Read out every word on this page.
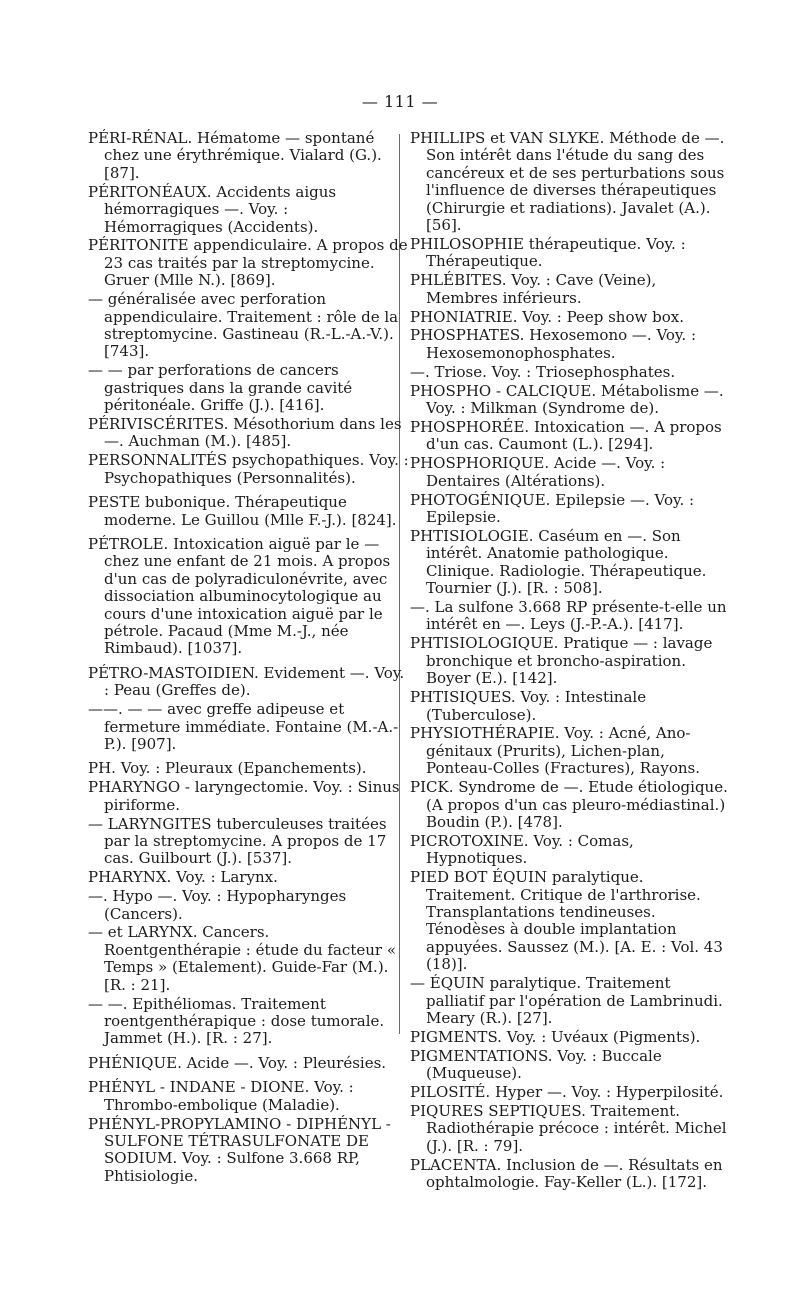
— 111 —

PÉRI-RÉNAL. Hématome — spontané chez une érythrémique. Vialard (G.). [87].

PÉRITONÉAUX. Accidents aigus hémorragiques —. Voy. : Hémorragiques (Accidents).

PÉRITONITE appendiculaire. A propos de 23 cas traités par la streptomycine. Gruer (Mlle N.). [869].

— généralisée avec perforation appendiculaire. Traitement : rôle de la streptomycine. Gastineau (R.-L.-A.-V.). [743].

— — par perforations de cancers gastriques dans la grande cavité péritonéale. Griffe (J.). [416].

PÉRIVISCÉRITES. Mésothorium dans les —. Auchman (M.). [485].

PERSONNALITÉS psychopathiques. Voy. : Psychopathiques (Personnalités).

PESTE bubonique. Thérapeutique moderne. Le Guillou (Mlle F.-J.). [824].

PÉTROLE. Intoxication aiguë par le — chez une enfant de 21 mois. A propos d'un cas de polyradiculonévrite, avec dissociation albuminocytologique au cours d'une intoxication aiguë par le pétrole. Pacaud (Mme M.-J., née Rimbaud). [1037].

PÉTRO-MASTOIDIEN. Evidement —. Voy. : Peau (Greffes de).

——. — — avec greffe adipeuse et fermeture immédiate. Fontaine (M.-A.-P.). [907].

PH. Voy. : Pleuraux (Epanchements).

PHARYNGO - laryngectomie. Voy. : Sinus piriforme.

— LARYNGITES tuberculeuses traitées par la streptomycine. A propos de 17 cas. Guilbourt (J.). [537].

PHARYNX. Voy. : Larynx.

—. Hypo —. Voy. : Hypopharynges (Cancers).

— et LARYNX. Cancers. Roentgenthérapie : étude du facteur « Temps » (Etalement). Guide-Far (M.). [R. : 21].

— —. Epithéliomas. Traitement roentgenthérapique : dose tumorale. Jammet (H.). [R. : 27].

PHÉNIQUE. Acide —. Voy. : Pleurésies.

PHÉNYL - INDANE - DIONE. Voy. : Thrombo-embolique (Maladie).

PHÉNYL-PROPYLAMINO - DIPHÉNYL - SULFONE TÉTRASULFONATE DE SODIUM. Voy. : Sulfone 3.668 RP, Phtisiologie.

PHILLIPS et VAN SLYKE. Méthode de —. Son intérêt dans l'étude du sang des cancéreux et de ses perturbations sous l'influence de diverses thérapeutiques (Chirurgie et radiations). Javalet (A.). [56].

PHILOSOPHIE thérapeutique. Voy. : Thérapeutique.

PHLÉBITES. Voy. : Cave (Veine), Membres inférieurs.

PHONIATRIE. Voy. : Peep show box.

PHOSPHATES. Hexosemono —. Voy. : Hexosemonophosphates.

—. Triose. Voy. : Triosephosphates.

PHOSPHO - CALCIQUE. Métabolisme —. Voy. : Milkman (Syndrome de).

PHOSPHORÉE. Intoxication —. A propos d'un cas. Caumont (L.). [294].

PHOSPHORIQUE. Acide —. Voy. : Dentaires (Altérations).

PHOTOGÉNIQUE. Epilepsie —. Voy. : Epilepsie.

PHTISIOLOGIE. Caséum en —. Son intérêt. Anatomie pathologique. Clinique. Radiologie. Thérapeutique. Tournier (J.). [R. : 508].

—. La sulfone 3.668 RP présente-t-elle un intérêt en —. Leys (J.-P.-A.). [417].

PHTISIOLOGIQUE. Pratique — : lavage bronchique et broncho-aspiration. Boyer (E.). [142].

PHTISIQUES. Voy. : Intestinale (Tuberculose).

PHYSIOTHÉRAPIE. Voy. : Acné, Ano-génitaux (Prurits), Lichen-plan, Ponteau-Colles (Fractures), Rayons.

PICK. Syndrome de —. Etude étiologique. (A propos d'un cas pleuro-médiastinal.) Boudin (P.). [478].

PICROTOXINE. Voy. : Comas, Hypnotiques.

PIED BOT ÉQUIN paralytique. Traitement. Critique de l'arthrorise. Transplantations tendineuses. Ténodèses à double implantation appuyées. Saussez (M.). [A. E. : Vol. 43 (18)].

— ÉQUIN paralytique. Traitement palliatif par l'opération de Lambrinudi. Meary (R.). [27].

PIGMENTS. Voy. : Uvéaux (Pigments).

PIGMENTATIONS. Voy. : Buccale (Muqueuse).

PILOSITÉ. Hyper —. Voy. : Hyperpilosité.

PIQURES SEPTIQUES. Traitement. Radiothérapie précoce : intérêt. Michel (J.). [R. : 79].

PLACENTA. Inclusion de —. Résultats en ophtalmologie. Fay-Keller (L.). [172].
